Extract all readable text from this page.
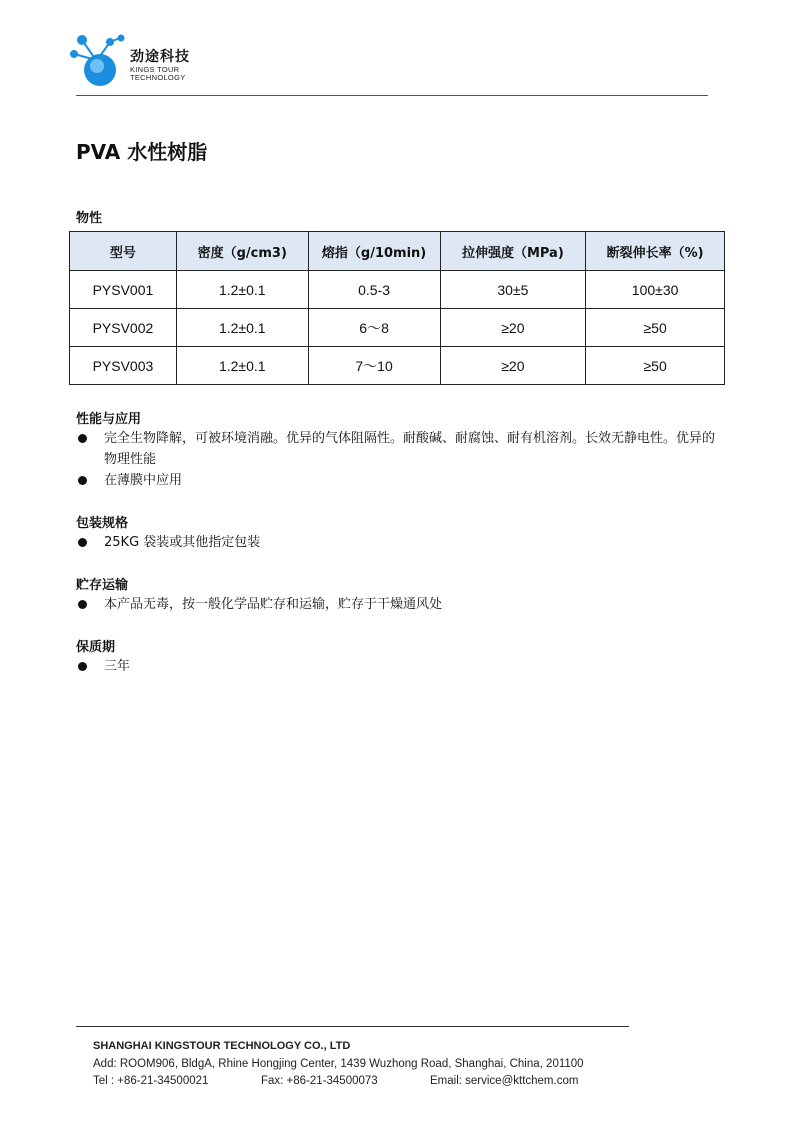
劲途科技
KINGS TOUR
TECHNOLOGY
PVA 水性树脂
物性
型号	密度（g/cm3)	熔指（g/10min)	拉伸强度（MPa)	断裂伸长率（%)
PYSV001	1.2±0.1	0.5-3	30±5	100±30
PYSV002	1.2±0.1	6～8	≥20	≥50
PYSV003	1.2±0.1	7～10	≥20	≥50
性能与应用
完全生物降解，可被环境消融。优异的气体阻隔性。耐酸碱、耐腐蚀、耐有机溶剂。长效无静电性。优异的物理性能
在薄膜中应用
包装规格
25KG 袋装或其他指定包装
贮存运输
本产品无毒，按一般化学品贮存和运输，贮存于干燥通风处
保质期
三年
SHANGHAI KINGSTOUR TECHNOLOGY CO., LTD
Add: ROOM906, BldgA, Rhine Hongjing Center, 1439 Wuzhong Road, Shanghai, China, 201100
Tel : +86-21-34500021	Fax: +86-21-34500073	Email: service@kttchem.com
